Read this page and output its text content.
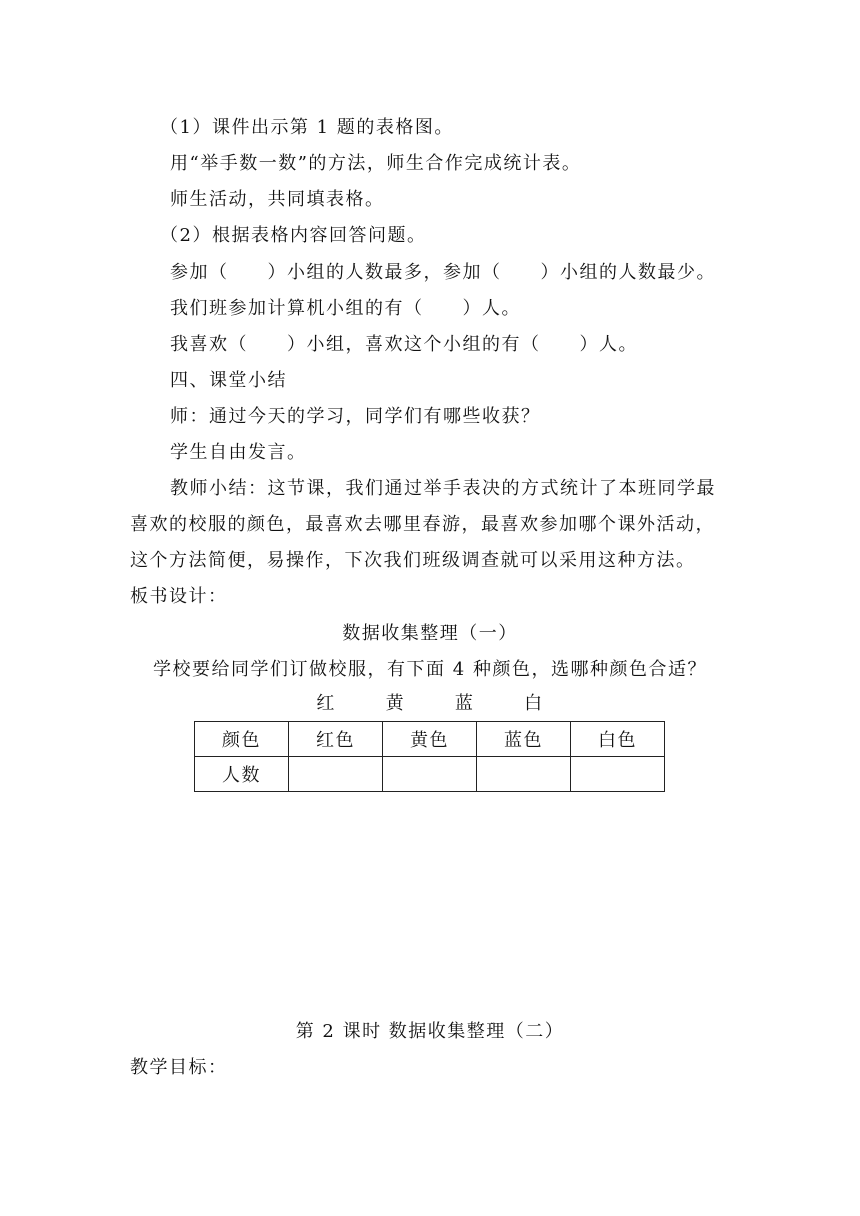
（1）课件出示第 1 题的表格图。
用“举手数一数”的方法，师生合作完成统计表。
师生活动，共同填表格。
（2）根据表格内容回答问题。
参加（　　）小组的人数最多，参加（　　）小组的人数最少。
我们班参加计算机小组的有（　　）人。
我喜欢（　　）小组，喜欢这个小组的有（　　）人。
四、课堂小结
师：通过今天的学习，同学们有哪些收获？
学生自由发言。
教师小结：这节课，我们通过举手表决的方式统计了本班同学最
喜欢的校服的颜色，最喜欢去哪里春游，最喜欢参加哪个课外活动，
这个方法简便，易操作，下次我们班级调查就可以采用这种方法。
板书设计：
数据收集整理（一）
学校要给同学们订做校服，有下面 4 种颜色，选哪种颜色合适？
红	黄	蓝	白
颜色	红色	黄色	蓝色	白色
人数				
第 2 课时 数据收集整理（二）
教学目标：
